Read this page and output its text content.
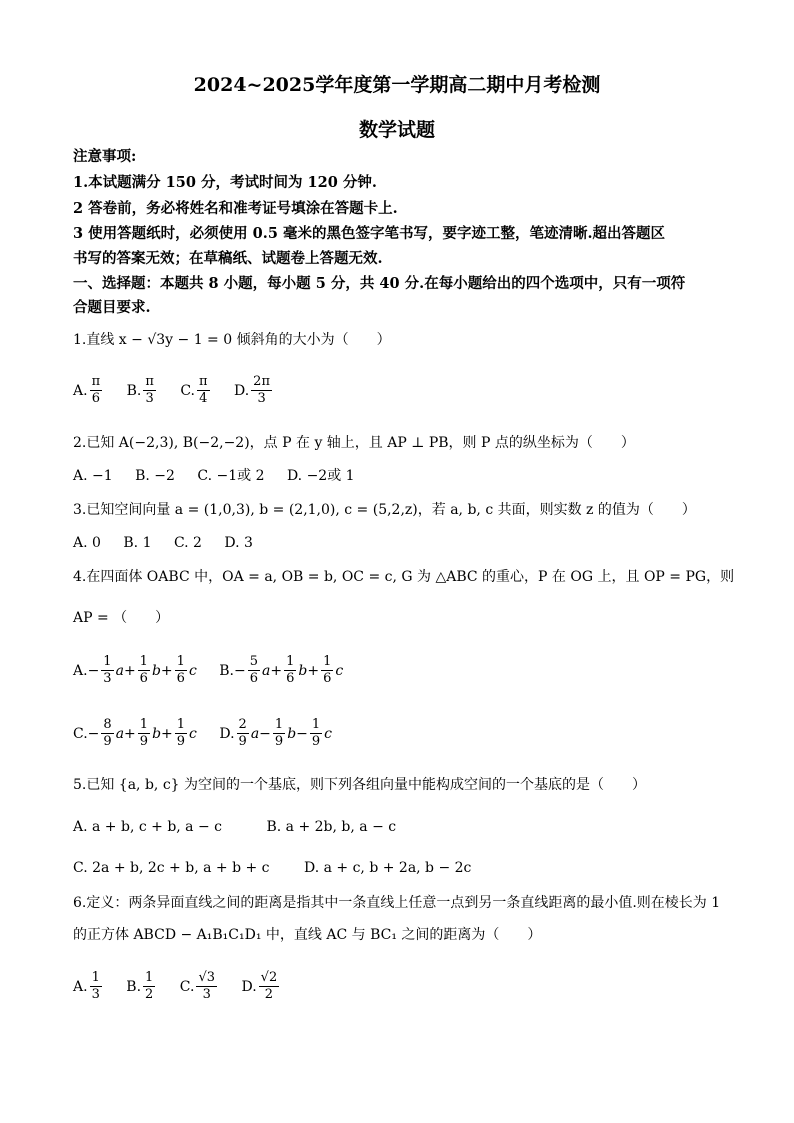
2024~2025学年度第一学期高二期中月考检测
数学试题
注意事项:
1.本试题满分 150 分，考试时间为 120 分钟.
2 答卷前，务必将姓名和准考证号填涂在答题卡上.
3 使用答题纸时，必须使用 0.5 毫米的黑色签字笔书写，要字迹工整，笔迹清晰.超出答题区
书写的答案无效；在草稿纸、试题卷上答题无效.
一、选择题：本题共 8 小题，每小题 5 分，共 40 分.在每小题给出的四个选项中，只有一项符
合题目要求.
1.直线 x − √3y − 1 = 0 倾斜角的大小为（　　）
A. $\frac{\pi}{6} B$. $\frac{\pi}{3} C$. $\frac{\pi}{4} D$. $\frac{2\pi}{3}$
2.已知 A(−2,3), B(−2,−2)，点 P 在 y 轴上，且 AP ⊥ PB，则 P 点的纵坐标为（　　）
A. −1 B. −2 C. −1或 2 D. −2或 1
3.已知空间向量 a = (1,0,3), b = (2,1,0), c = (5,2,z)，若 a, b, c 共面，则实数 z 的值为（　　）
A. 0 B. 1 C. 2 D. 3
4.在四面体 OABC 中，OA = a, OB = b, OC = c, G 为 △ABC 的重心，P 在 OG 上，且 OP = PG，则
AP = （　　）
$A.- \frac{1}{3} a+ \frac{1}{6} b+ \frac{1}{6}$ c $B.- \frac{5}{6} a+ \frac{1}{6} b+ \frac{1}{6}$ c
$C.- \frac{8}{9} a+ \frac{1}{9} b+ \frac{1}{9}$ c D. $\frac{2}{9} a- \frac{1}{9} b- \frac{1}{9}$ c
5.已知 {a, b, c} 为空间的一个基底，则下列各组向量中能构成空间的一个基底的是（　　）
A. a + b, c + b, a − c	B. a + 2b, b, a − c
C. 2a + b, 2c + b, a + b + c D. a + c, b + 2a, b − 2c
6.定义：两条异面直线之间的距离是指其中一条直线上任意一点到另一条直线距离的最小值.则在棱长为 1
的正方体 ABCD − A₁B₁C₁D₁ 中，直线 AC 与 BC₁ 之间的距离为（　　）
A. $\frac{1}{3} B$. $\frac{1}{2} C$. $\frac{√3}{3} D$. $\frac{√2}{2}$
